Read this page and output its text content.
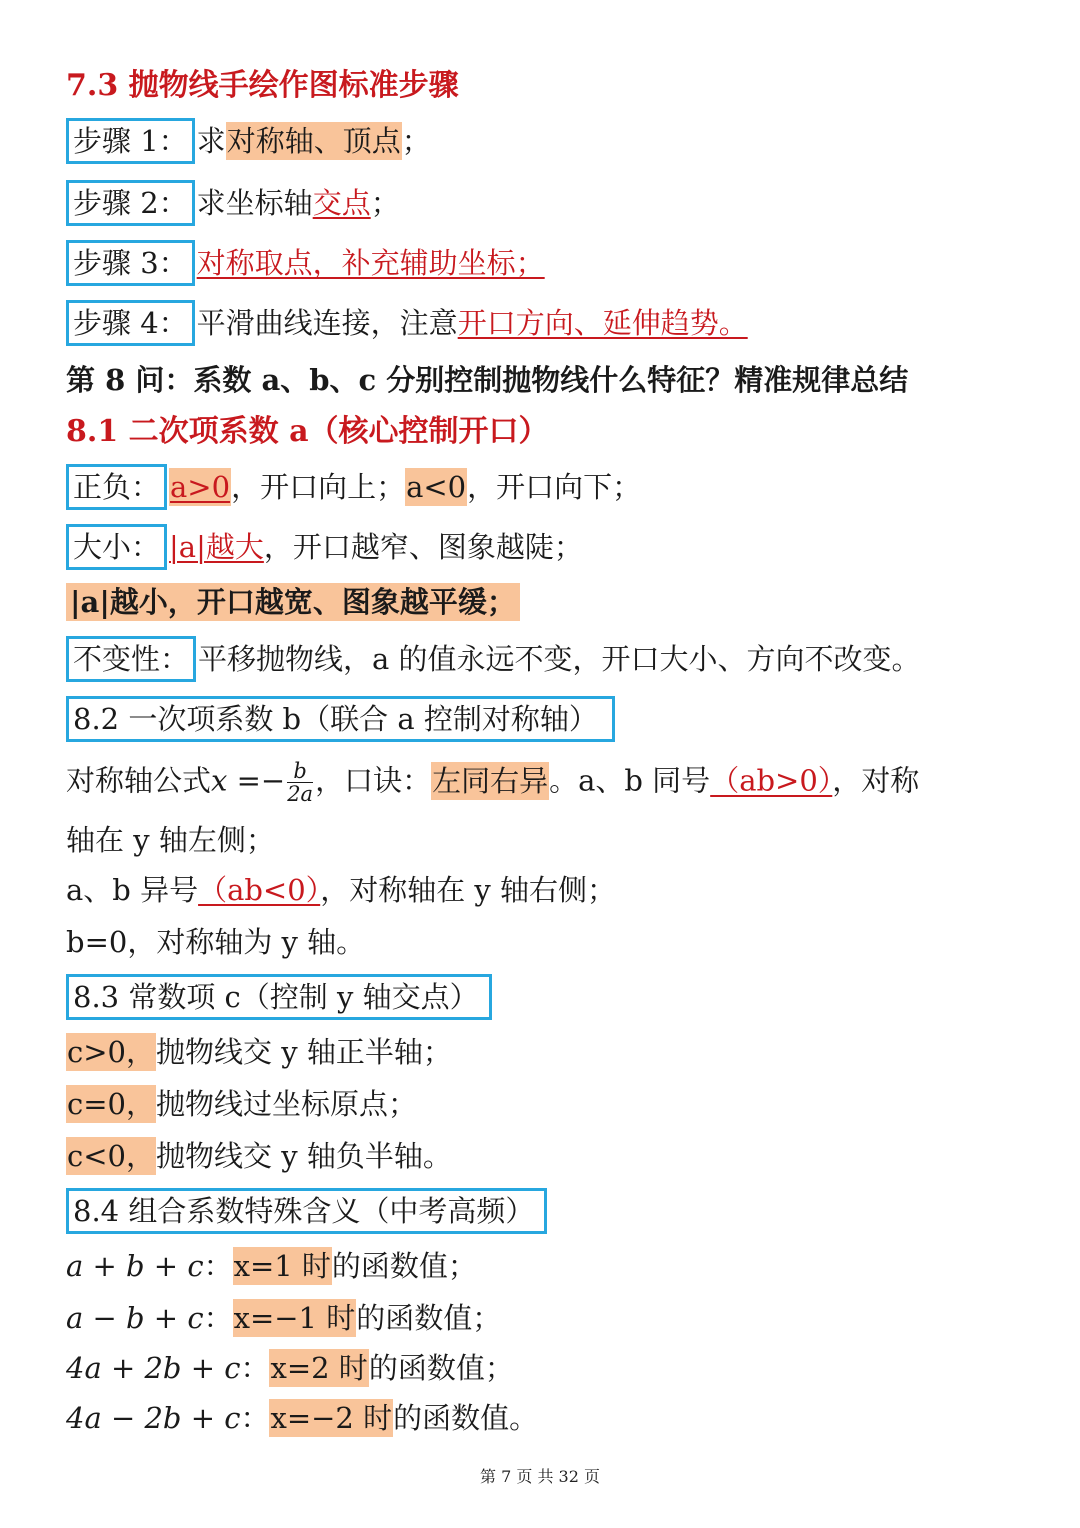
7.3 抛物线手绘作图标准步骤
步骤 1： 求对称轴、顶点；
步骤 2： 求坐标轴交点；
步骤 3： 对称取点，补充辅助坐标；
步骤 4： 平滑曲线连接，注意开口方向、延伸趋势。
第 8 问：系数 a、b、c 分别控制抛物线什么特征？精准规律总结
8.1 二次项系数 a（核心控制开口）
正负： a>0，开口向上；a<0，开口向下；
大小： |a|越大，开口越窄、图象越陡；
|a|越小，开口越宽、图象越平缓；
不变性： 平移抛物线，a 的值永远不变，开口大小、方向不改变。
8.2 一次项系数 b（联合 a 控制对称轴）
对称轴公式$x =- \frac{b}{2a}$ ，口诀：左同右异。a、b 同号（ab>0），对称
轴在 y 轴左侧；
a、b 异号（ab<0），对称轴在 y 轴右侧；
b=0，对称轴为 y 轴。
8.3 常数项 c（控制 y 轴交点）
c>0，抛物线交 y 轴正半轴；
c=0，抛物线过坐标原点；
c<0，抛物线交 y 轴负半轴。
8.4 组合系数特殊含义（中考高频）
a + b + c：x=1 时的函数值；
a − b + c：x=−1 时的函数值；
4a + 2b + c：x=2 时的函数值；
4a − 2b + c：x=−2 时的函数值。
第 7 页 共 32 页
